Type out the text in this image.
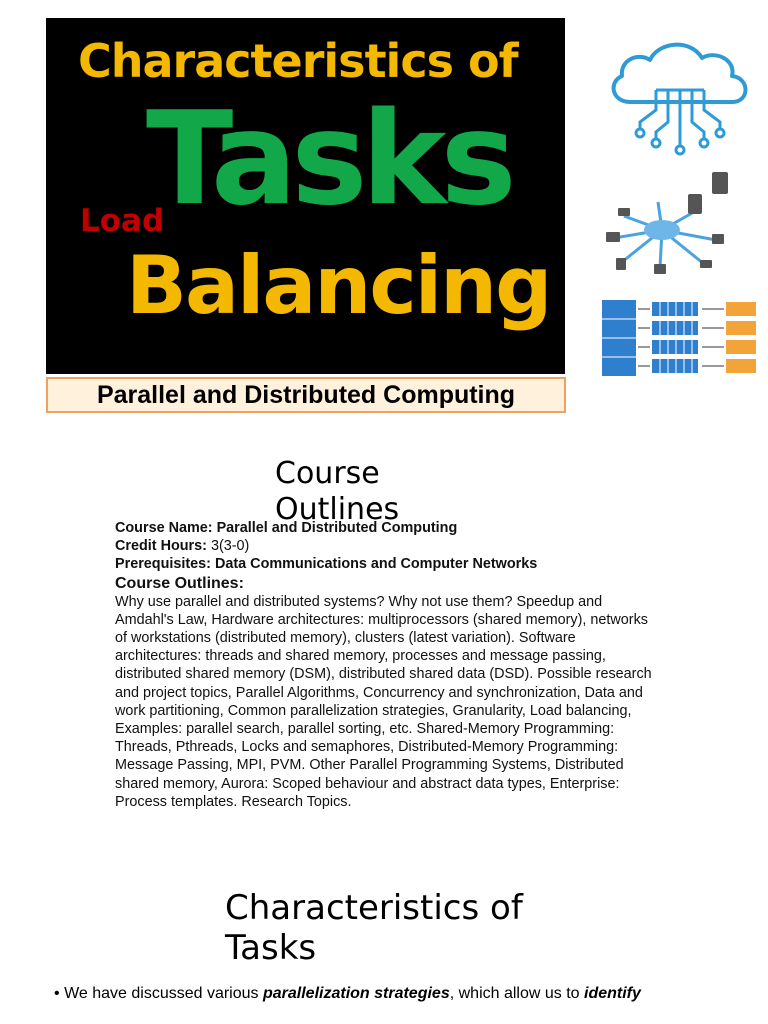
Characteristics of
Tasks
Load
Balancing
Parallel and Distributed Computing
Course Outlines
Course Name: Parallel and Distributed Computing
Credit Hours: 3(3-0)
Prerequisites: Data Communications and Computer Networks
Course Outlines:
Why use parallel and distributed systems? Why not use them? Speedup and Amdahl's Law, Hardware architectures: multiprocessors (shared memory), networks of workstations (distributed memory), clusters (latest variation). Software architectures: threads and shared memory, processes and message passing, distributed shared memory (DSM), distributed shared data (DSD). Possible research and project topics, Parallel Algorithms, Concurrency and synchronization, Data and work partitioning, Common parallelization strategies, Granularity, Load balancing, Examples: parallel search, parallel sorting, etc. Shared-Memory Programming: Threads, Pthreads, Locks and semaphores, Distributed-Memory Programming: Message Passing, MPI, PVM. Other Parallel Programming Systems, Distributed shared memory, Aurora: Scoped behaviour and abstract data types, Enterprise: Process templates. Research Topics.
Characteristics of Tasks
• We have discussed various parallelization strategies, which allow us to identify
